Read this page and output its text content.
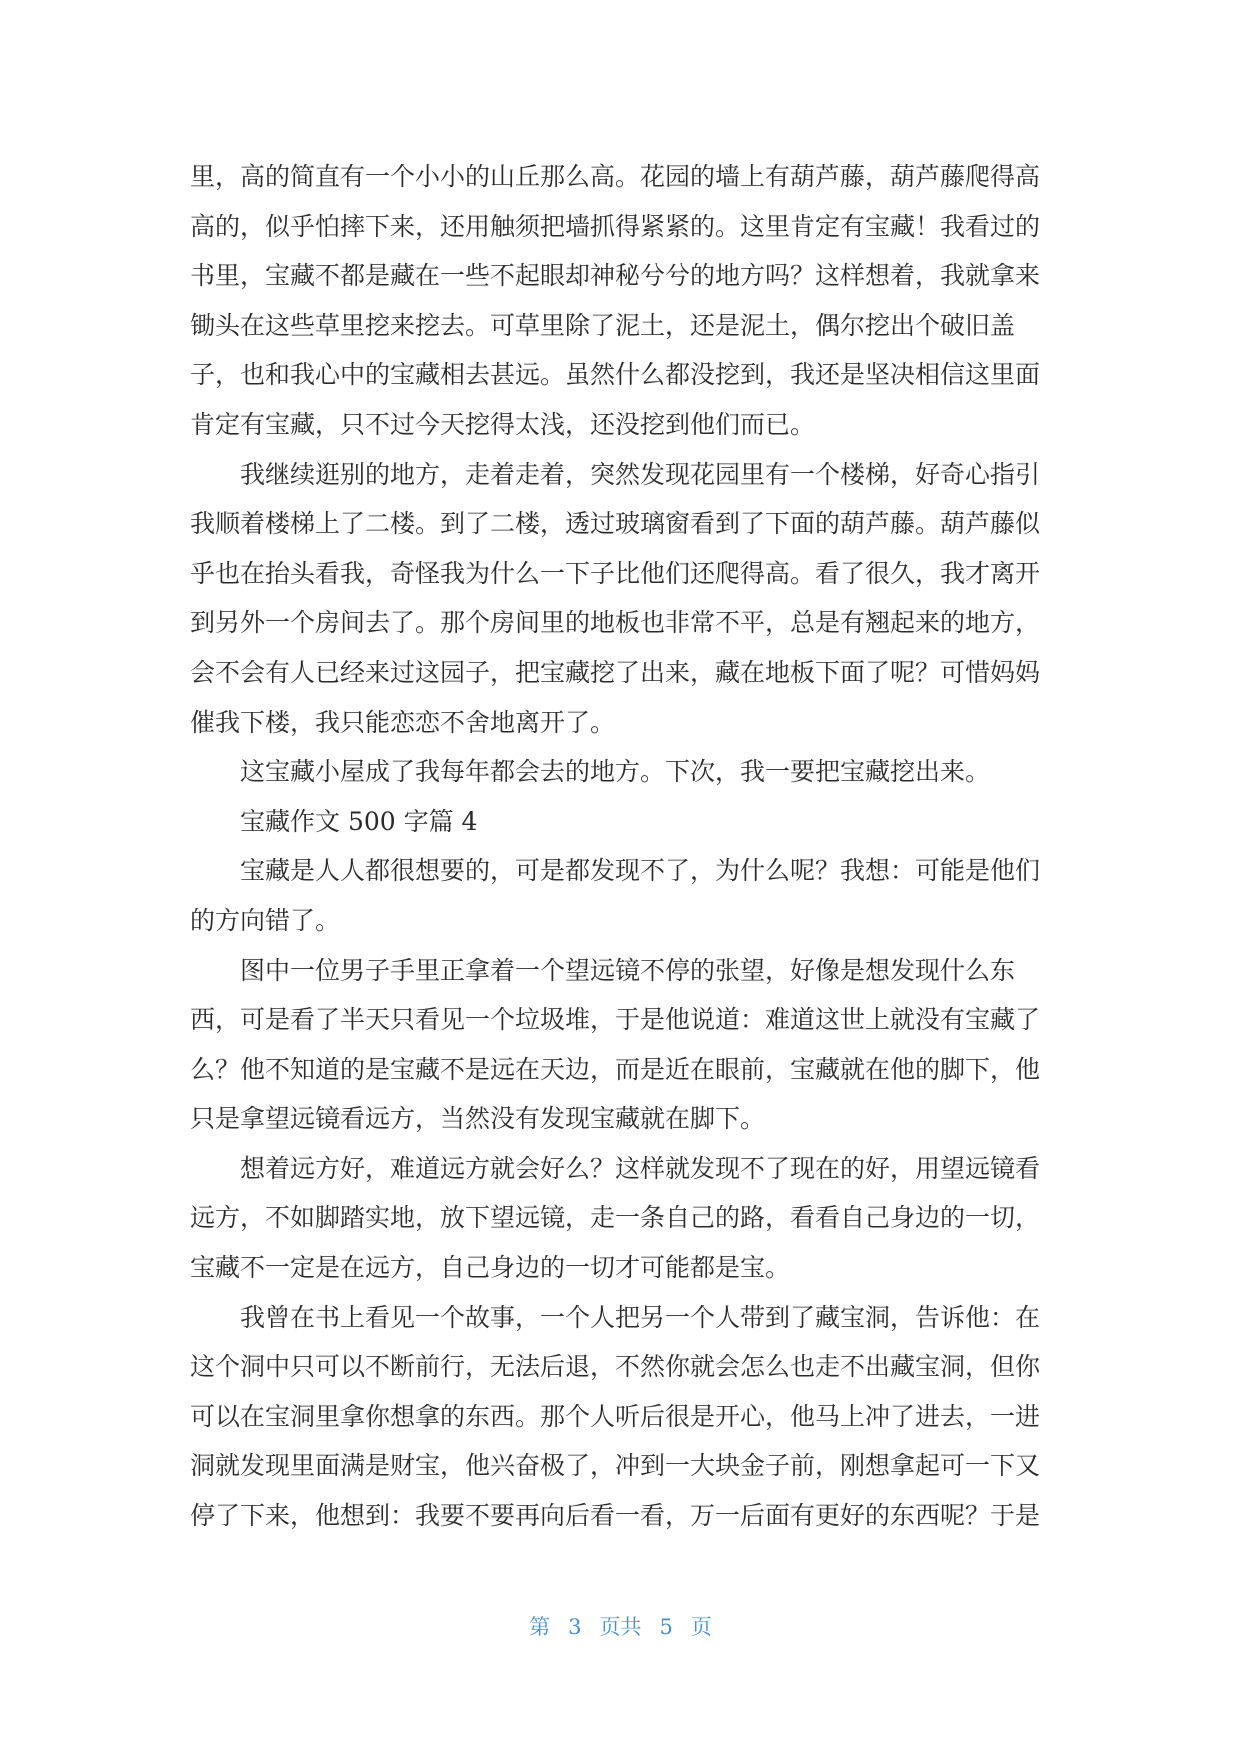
里，高的简直有一个小小的山丘那么高。花园的墙上有葫芦藤，葫芦藤爬得高
高的，似乎怕摔下来，还用触须把墙抓得紧紧的。这里肯定有宝藏！我看过的
书里，宝藏不都是藏在一些不起眼却神秘兮兮的地方吗？这样想着，我就拿来
锄头在这些草里挖来挖去。可草里除了泥土，还是泥土，偶尔挖出个破旧盖
子，也和我心中的宝藏相去甚远。虽然什么都没挖到，我还是坚决相信这里面
肯定有宝藏，只不过今天挖得太浅，还没挖到他们而已。
我继续逛别的地方，走着走着，突然发现花园里有一个楼梯，好奇心指引
我顺着楼梯上了二楼。到了二楼，透过玻璃窗看到了下面的葫芦藤。葫芦藤似
乎也在抬头看我，奇怪我为什么一下子比他们还爬得高。看了很久，我才离开
到另外一个房间去了。那个房间里的地板也非常不平，总是有翘起来的地方，
会不会有人已经来过这园子，把宝藏挖了出来，藏在地板下面了呢？可惜妈妈
催我下楼，我只能恋恋不舍地离开了。
这宝藏小屋成了我每年都会去的地方。下次，我一要把宝藏挖出来。
宝藏作文 500 字篇 4
宝藏是人人都很想要的，可是都发现不了，为什么呢？我想：可能是他们
的方向错了。
图中一位男子手里正拿着一个望远镜不停的张望，好像是想发现什么东
西，可是看了半天只看见一个垃圾堆，于是他说道：难道这世上就没有宝藏了
么？他不知道的是宝藏不是远在天边，而是近在眼前，宝藏就在他的脚下，他
只是拿望远镜看远方，当然没有发现宝藏就在脚下。
想着远方好，难道远方就会好么？这样就发现不了现在的好，用望远镜看
远方，不如脚踏实地，放下望远镜，走一条自己的路，看看自己身边的一切，
宝藏不一定是在远方，自己身边的一切才可能都是宝。
我曾在书上看见一个故事，一个人把另一个人带到了藏宝洞，告诉他：在
这个洞中只可以不断前行，无法后退，不然你就会怎么也走不出藏宝洞，但你
可以在宝洞里拿你想拿的东西。那个人听后很是开心，他马上冲了进去，一进
洞就发现里面满是财宝，他兴奋极了，冲到一大块金子前，刚想拿起可一下又
停了下来，他想到：我要不要再向后看一看，万一后面有更好的东西呢？于是
第 3 页共 5 页
